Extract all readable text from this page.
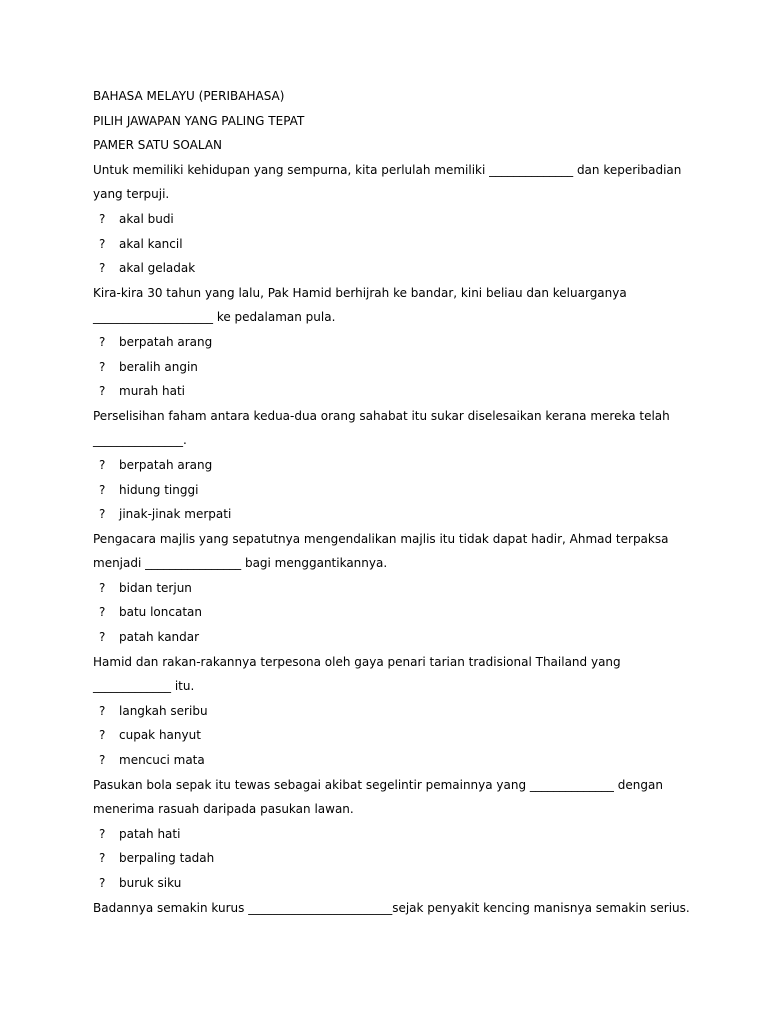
BAHASA MELAYU (PERIBAHASA)
PILIH JAWAPAN YANG PALING TEPAT
PAMER SATU SOALAN
Untuk memiliki kehidupan yang sempurna, kita perlulah memiliki ______________ dan keperibadian
yang terpuji.
?	akal budi
?	akal kancil
?	akal geladak
Kira-kira 30 tahun yang lalu, Pak Hamid berhijrah ke bandar, kini beliau dan keluarganya
____________________ ke pedalaman pula.
?	berpatah arang
?	beralih angin
?	murah hati
Perselisihan faham antara kedua-dua orang sahabat itu sukar diselesaikan kerana mereka telah
_______________.
?	berpatah arang
?	hidung tinggi
?	jinak-jinak merpati
Pengacara majlis yang sepatutnya mengendalikan majlis itu tidak dapat hadir, Ahmad terpaksa
menjadi ________________ bagi menggantikannya.
?	bidan terjun
?	batu loncatan
?	patah kandar
Hamid dan rakan-rakannya terpesona oleh gaya penari tarian tradisional Thailand yang
_____________ itu.
?	langkah seribu
?	cupak hanyut
?	mencuci mata
Pasukan bola sepak itu tewas sebagai akibat segelintir pemainnya yang ______________ dengan
menerima rasuah daripada pasukan lawan.
?	patah hati
?	berpaling tadah
?	buruk siku
Badannya semakin kurus ________________________sejak penyakit kencing manisnya semakin serius.
